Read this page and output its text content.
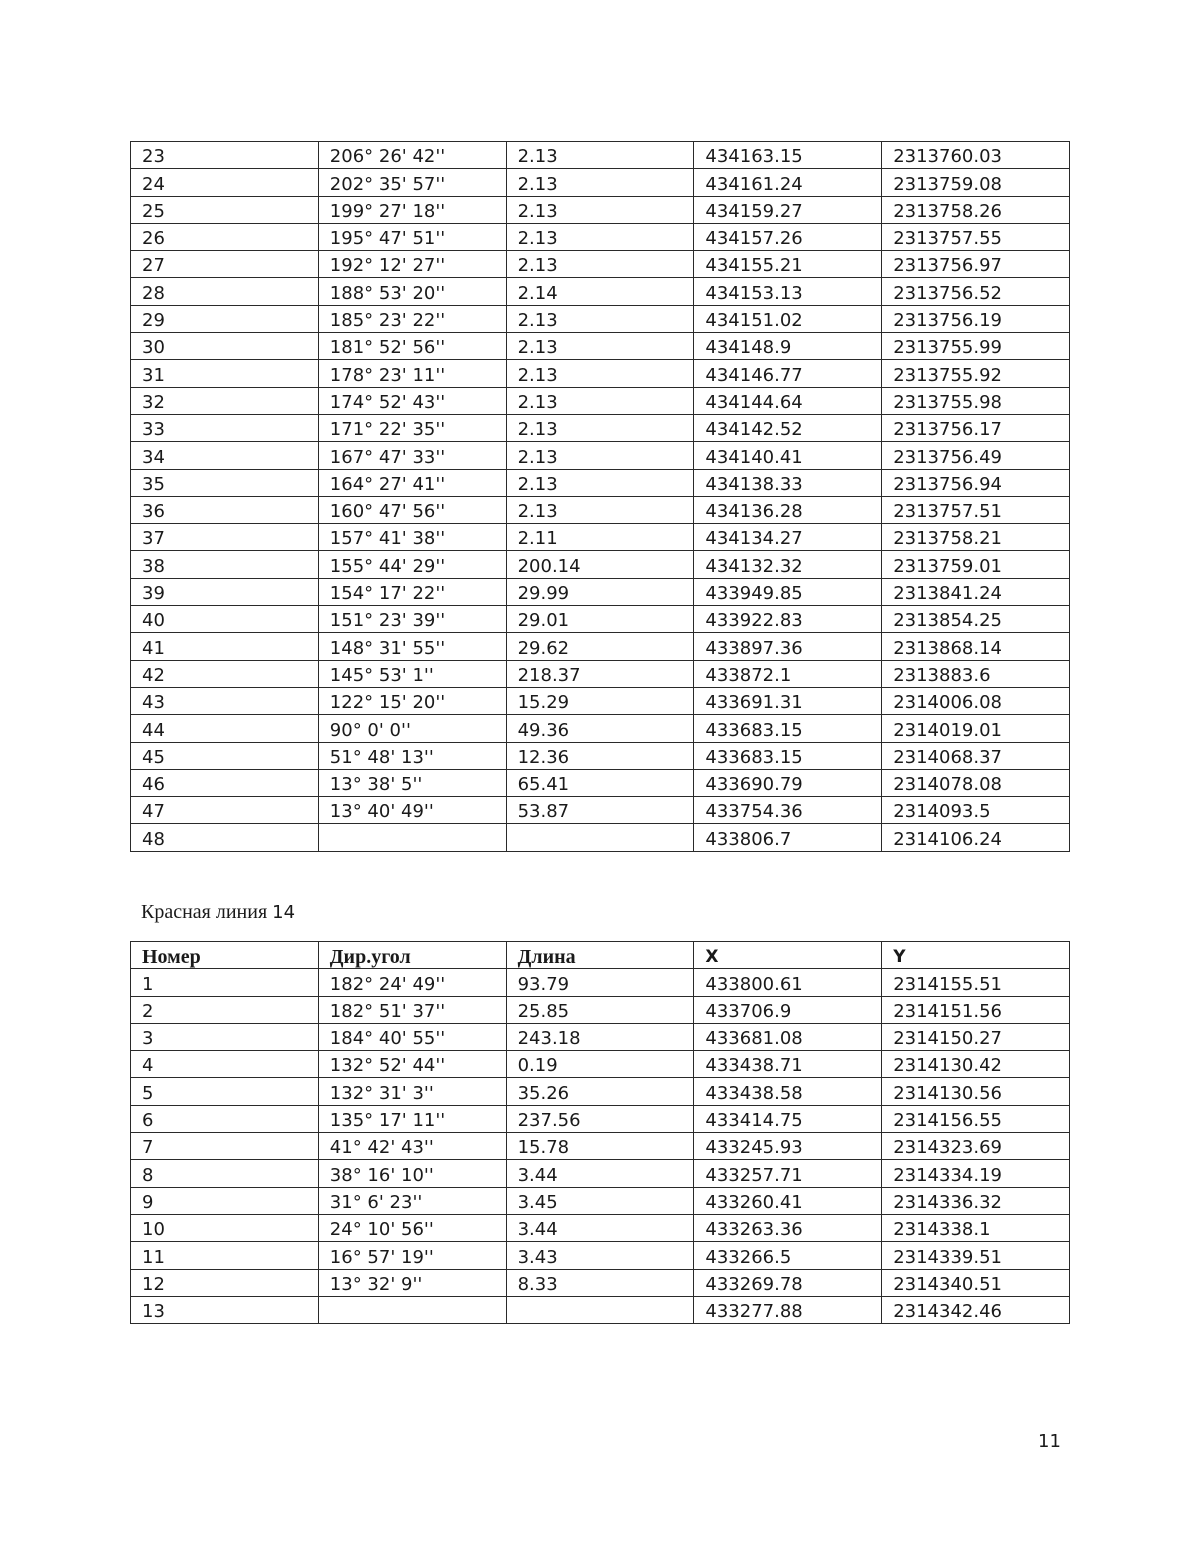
23	206° 26' 42''	2.13	434163.15	2313760.03
24	202° 35' 57''	2.13	434161.24	2313759.08
25	199° 27' 18''	2.13	434159.27	2313758.26
26	195° 47' 51''	2.13	434157.26	2313757.55
27	192° 12' 27''	2.13	434155.21	2313756.97
28	188° 53' 20''	2.14	434153.13	2313756.52
29	185° 23' 22''	2.13	434151.02	2313756.19
30	181° 52' 56''	2.13	434148.9	2313755.99
31	178° 23' 11''	2.13	434146.77	2313755.92
32	174° 52' 43''	2.13	434144.64	2313755.98
33	171° 22' 35''	2.13	434142.52	2313756.17
34	167° 47' 33''	2.13	434140.41	2313756.49
35	164° 27' 41''	2.13	434138.33	2313756.94
36	160° 47' 56''	2.13	434136.28	2313757.51
37	157° 41' 38''	2.11	434134.27	2313758.21
38	155° 44' 29''	200.14	434132.32	2313759.01
39	154° 17' 22''	29.99	433949.85	2313841.24
40	151° 23' 39''	29.01	433922.83	2313854.25
41	148° 31' 55''	29.62	433897.36	2313868.14
42	145° 53' 1''	218.37	433872.1	2313883.6
43	122° 15' 20''	15.29	433691.31	2314006.08
44	90° 0' 0''	49.36	433683.15	2314019.01
45	51° 48' 13''	12.36	433683.15	2314068.37
46	13° 38' 5''	65.41	433690.79	2314078.08
47	13° 40' 49''	53.87	433754.36	2314093.5
48			433806.7	2314106.24
Красная линия 14
Номер	Дир.угол	Длина	X	Y
1	182° 24' 49''	93.79	433800.61	2314155.51
2	182° 51' 37''	25.85	433706.9	2314151.56
3	184° 40' 55''	243.18	433681.08	2314150.27
4	132° 52' 44''	0.19	433438.71	2314130.42
5	132° 31' 3''	35.26	433438.58	2314130.56
6	135° 17' 11''	237.56	433414.75	2314156.55
7	41° 42' 43''	15.78	433245.93	2314323.69
8	38° 16' 10''	3.44	433257.71	2314334.19
9	31° 6' 23''	3.45	433260.41	2314336.32
10	24° 10' 56''	3.44	433263.36	2314338.1
11	16° 57' 19''	3.43	433266.5	2314339.51
12	13° 32' 9''	8.33	433269.78	2314340.51
13			433277.88	2314342.46
11
